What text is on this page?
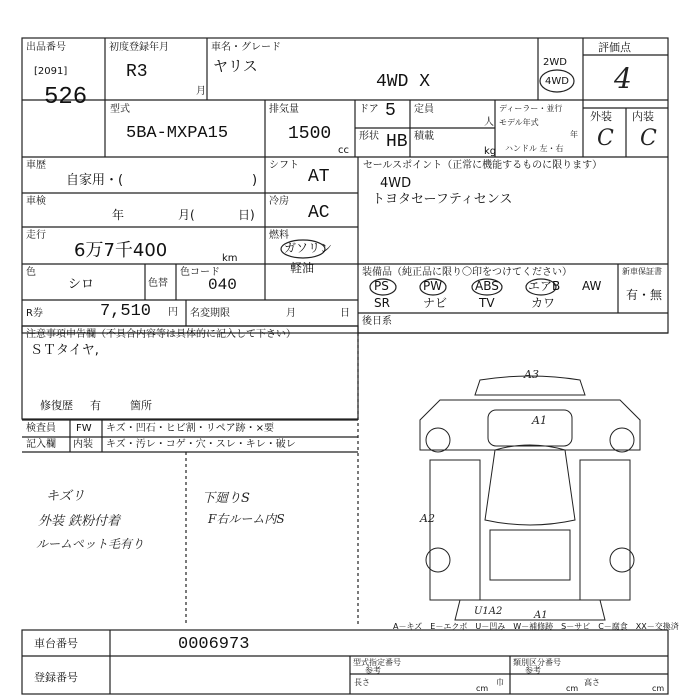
出品番号
[2091]
526
初度登録年月
R3
月
車名・グレード
ヤリス
4WD X
2WD
4WD
評価点
4
外装 内装
C C
型式
5BA-MXPA15
排気量
1500
cc
ドア 5 定員
人
形状 HB 積載
kg
ディーラー・並行
モデル年式
年
ハンドル 左・右
車歴
自家用・(	)
シフト
AT
車検
年	月(	日)
冷房
AC
走行
6万7千400	km
燃料
ガソリン
軽油
色
シロ	色替
色コード
040
R券	7,510 円 名変期限	月	日
セールスポイント（正常に機能するものに限ります）
4WD
トヨタセーフティセンス
装備品（純正品に限り〇印をつけてください）
PS	PW	ABS エアB AW
SR	ナビ	TV	カワ
新車保証書
有・無
後日系
注意事項申告欄（不具合内容等は具体的に記入して下さい）
ＳＴタイヤ,
修復歴 有	箇所
検査員
記入欄
FW
内装
キズ・凹石・ヒビ割・リペア跡・×要
キズ・汚レ・コゲ・穴・スレ・キレ・破レ
キズリ
外装 鉄粉付着
ルームペット毛有り
下廻りS
F右ルーム内S
A3
A1
A2
U1A2	A1
A－キズ　E－エクボ　U－凹み　W－補修跡　S－サビ　C－腐食　XX－交換済
車台番号	0006973
登録番号
型式指定番号
参考
類別区分番号
参考
長さ
cm
巾
cm
高さ
cm
